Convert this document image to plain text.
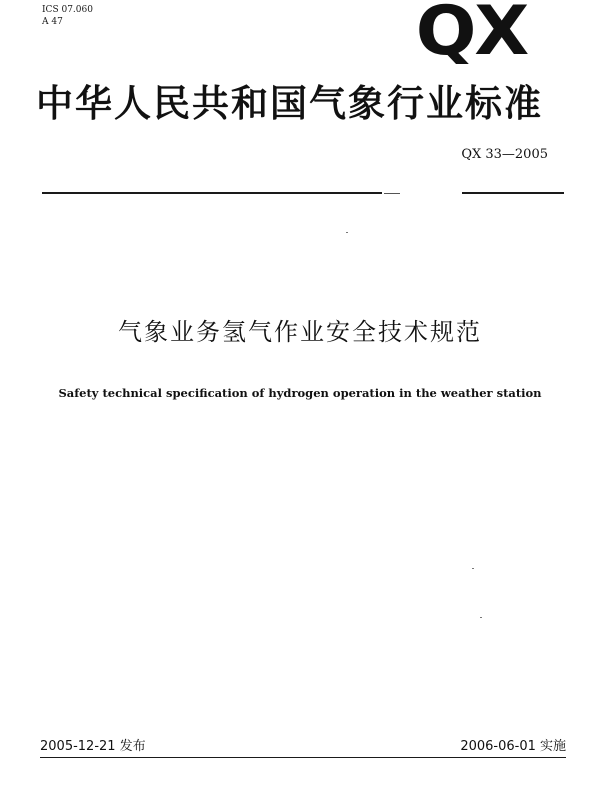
ICS 07.060
A 47	QX
中华人民共和国气象行业标准
QX 33—2005
气象业务氢气作业安全技术规范
Safety technical specification of hydrogen operation in the weather station
2005-12-21 发布	2006-06-01 实施
